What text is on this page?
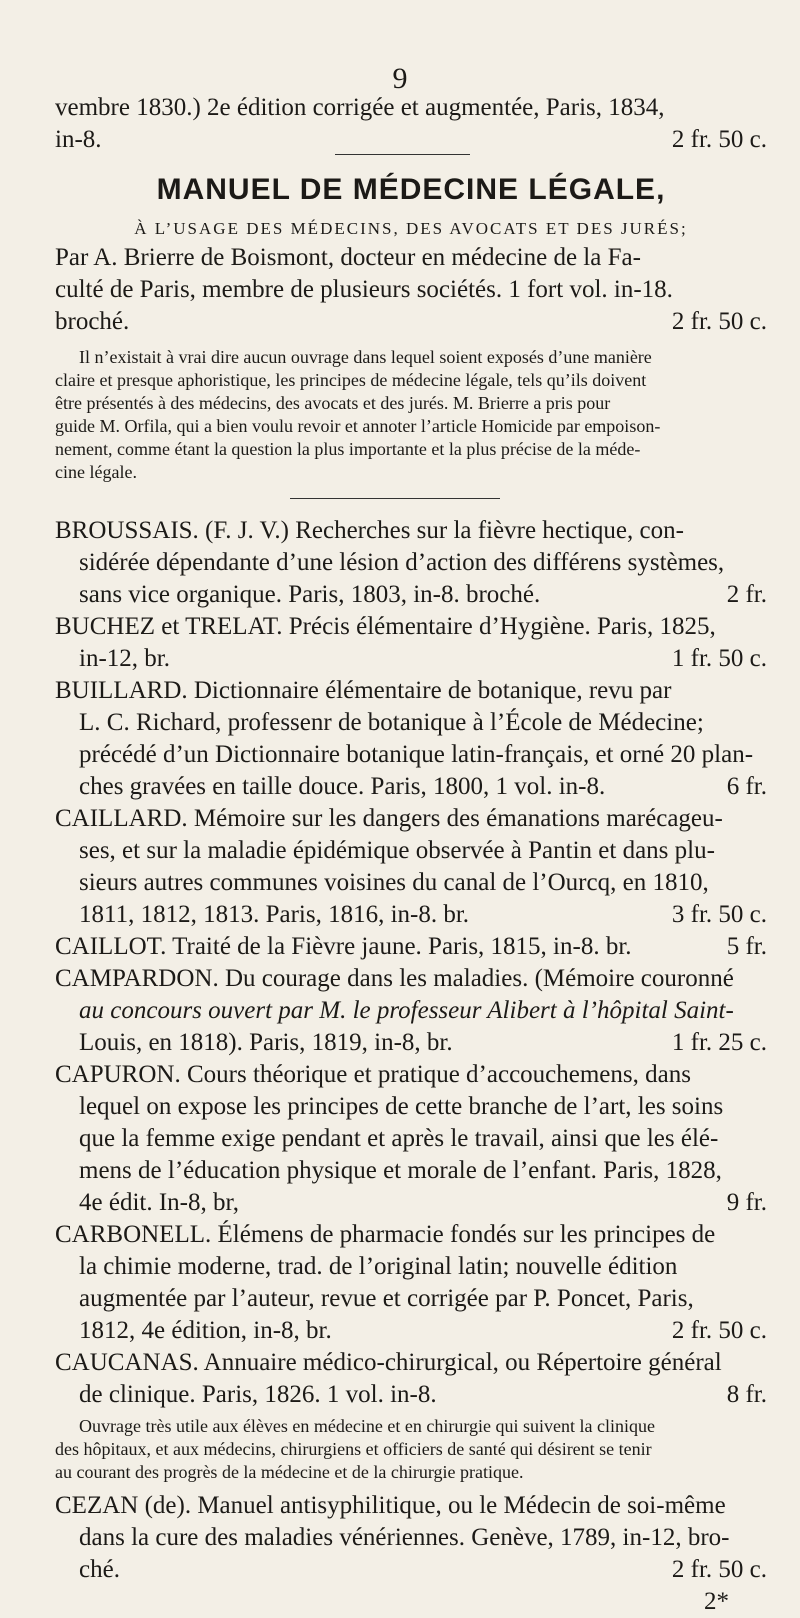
9
vembre 1830.) 2e édition corrigée et augmentée, Paris, 1834,
in-8.	2 fr. 50 c.
MANUEL DE MÉDECINE LÉGALE,
À L’USAGE DES MÉDECINS, DES AVOCATS ET DES JURÉS;
Par A. Brierre de Boismont, docteur en médecine de la Fa-
culté de Paris, membre de plusieurs sociétés. 1 fort vol. in-18.
broché.	2 fr. 50 c.
Il n’existait à vrai dire aucun ouvrage dans lequel soient exposés d’une manière
claire et presque aphoristique, les principes de médecine légale, tels qu’ils doivent
être présentés à des médecins, des avocats et des jurés. M. Brierre a pris pour
guide M. Orfila, qui a bien voulu revoir et annoter l’article Homicide par empoison-
nement, comme étant la question la plus importante et la plus précise de la méde-
cine légale.
BROUSSAIS. (F. J. V.) Recherches sur la fièvre hectique, con-
sidérée dépendante d’une lésion d’action des différens systèmes,
sans vice organique. Paris, 1803, in-8. broché.	2 fr.
BUCHEZ et TRELAT. Précis élémentaire d’Hygiène. Paris, 1825,
in-12, br.	1 fr. 50 c.
BUILLARD. Dictionnaire élémentaire de botanique, revu par
L. C. Richard, professenr de botanique à l’École de Médecine;
précédé d’un Dictionnaire botanique latin-français, et orné 20 plan-
ches gravées en taille douce. Paris, 1800, 1 vol. in-8.	6 fr.
CAILLARD. Mémoire sur les dangers des émanations marécageu-
ses, et sur la maladie épidémique observée à Pantin et dans plu-
sieurs autres communes voisines du canal de l’Ourcq, en 1810,
1811, 1812, 1813. Paris, 1816, in-8. br.	3 fr. 50 c.
CAILLOT. Traité de la Fièvre jaune. Paris, 1815, in-8. br.	5 fr.
CAMPARDON. Du courage dans les maladies. (Mémoire couronné
au concours ouvert par M. le professeur Alibert à l’hôpital Saint-
Louis, en 1818). Paris, 1819, in-8, br.	1 fr. 25 c.
CAPURON. Cours théorique et pratique d’accouchemens, dans
lequel on expose les principes de cette branche de l’art, les soins
que la femme exige pendant et après le travail, ainsi que les élé-
mens de l’éducation physique et morale de l’enfant. Paris, 1828,
4e édit. In-8, br,	9 fr.
CARBONELL. Élémens de pharmacie fondés sur les principes de
la chimie moderne, trad. de l’original latin; nouvelle édition
augmentée par l’auteur, revue et corrigée par P. Poncet, Paris,
1812, 4e édition, in-8, br.	2 fr. 50 c.
CAUCANAS. Annuaire médico-chirurgical, ou Répertoire général
de clinique. Paris, 1826. 1 vol. in-8.	8 fr.
Ouvrage très utile aux élèves en médecine et en chirurgie qui suivent la clinique
des hôpitaux, et aux médecins, chirurgiens et officiers de santé qui désirent se tenir
au courant des progrès de la médecine et de la chirurgie pratique.
CEZAN (de). Manuel antisyphilitique, ou le Médecin de soi-même
dans la cure des maladies vénériennes. Genève, 1789, in-12, bro-
ché.	2 fr. 50 c.
2*
